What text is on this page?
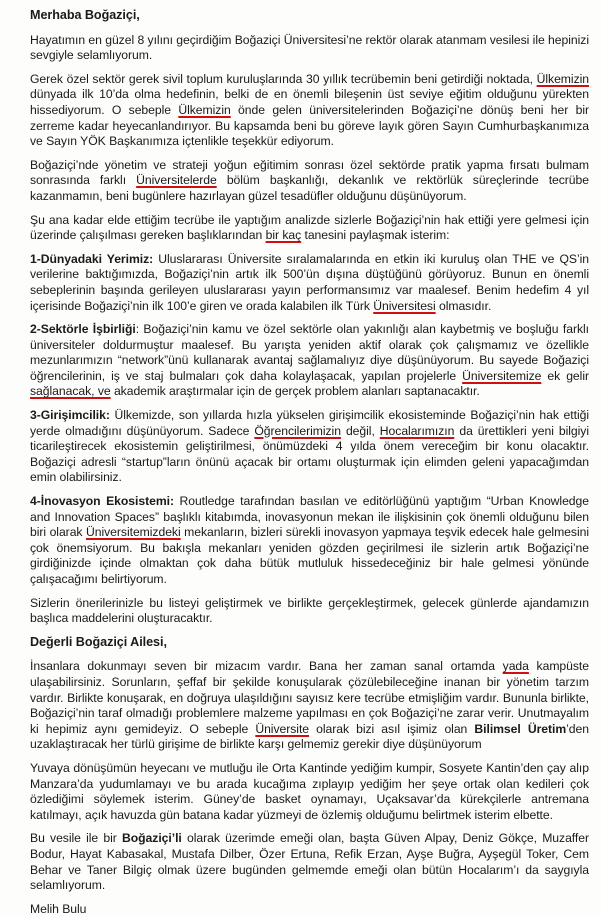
Merhaba Boğaziçi,

Hayatımın en güzel 8 yılını geçirdiğim Boğaziçi Üniversitesi’ne rektör olarak atanmam vesilesi ile hepinizi sevgiyle selamlıyorum.

Gerek özel sektör gerek sivil toplum kuruluşlarında 30 yıllık tecrübemin beni getirdiği noktada, Ülkemizin dünyada ilk 10’da olma hedefinin, belki de en önemli bileşenin üst seviye eğitim olduğunu yürekten hissediyorum. O sebeple Ülkemizin önde gelen üniversitelerinden Boğaziçi’ne dönüş beni her bir zerreme kadar heyecanlandırıyor. Bu kapsamda beni bu göreve layık gören Sayın Cumhurbaşkanımıza ve Sayın YÖK Başkanımıza içtenlikle teşekkür ediyorum.

Boğaziçi’nde yönetim ve strateji yoğun eğitimim sonrası özel sektörde pratik yapma fırsatı bulmam sonrasında farklı Üniversitelerde bölüm başkanlığı, dekanlık ve rektörlük süreçlerinde tecrübe kazanmamın, beni bugünlere hazırlayan güzel tesadüfler olduğunu düşünüyorum.

Şu ana kadar elde ettiğim tecrübe ile yaptığım analizde sizlerle Boğaziçi’nin hak ettiği yere gelmesi için üzerinde çalışılması gereken başlıklarından bir kaç tanesini paylaşmak isterim:

1-Dünyadaki Yerimiz: Uluslararası Üniversite sıralamalarında en etkin iki kuruluş olan THE ve QS’in verilerine baktığımızda, Boğaziçi’nin artık ilk 500’ün dışına düştüğünü görüyoruz. Bunun en önemli sebeplerinin başında gerileyen uluslararası yayın performansımız var maalesef. Benim hedefim 4 yıl içerisinde Boğaziçi’nin ilk 100’e giren ve orada kalabilen ilk Türk Üniversitesi olmasıdır.

2-Sektörle İşbirliği: Boğaziçi’nin kamu ve özel sektörle olan yakınlığı alan kaybetmiş ve boşluğu farklı üniversiteler doldurmuştur maalesef. Bu yarışta yeniden aktif olarak çok çalışmamız ve özellikle mezunlarımızın “network”ünü kullanarak avantaj sağlamalıyız diye düşünüyorum. Bu sayede Boğaziçi öğrencilerinin, iş ve staj bulmaları çok daha kolaylaşacak, yapılan projelerle Üniversitemize ek gelir sağlanacak, ve akademik araştırmalar için de gerçek problem alanları saptanacaktır.

3-Girişimcilik: Ülkemizde, son yıllarda hızla yükselen girişimcilik ekosisteminde Boğaziçi’nin hak ettiği yerde olmadığını düşünüyorum. Sadece Öğrencilerimizin değil, Hocalarımızın da ürettikleri yeni bilgiyi ticarileştirecek ekosistemin geliştirilmesi, önümüzdeki 4 yılda önem vereceğim bir konu olacaktır. Boğaziçi adresli “startup”ların önünü açacak bir ortamı oluşturmak için elimden geleni yapacağımdan emin olabilirsiniz.

4-İnovasyon Ekosistemi: Routledge tarafından basılan ve editörlüğünü yaptığım “Urban Knowledge and Innovation Spaces” başlıklı kitabımda, inovasyonun mekan ile ilişkisinin çok önemli olduğunu bilen biri olarak Üniversitemizdeki mekanların, bizleri sürekli inovasyon yapmaya teşvik edecek hale gelmesini çok önemsiyorum. Bu bakışla mekanları yeniden gözden geçirilmesi ile sizlerin artık Boğaziçi’ne girdiğinizde içinde olmaktan çok daha bütük mutluluk hissedeceğiniz bir hale gelmesi yönünde çalışacağımı belirtiyorum.

Sizlerin önerilerinizle bu listeyi geliştirmek ve birlikte gerçekleştirmek, gelecek günlerde ajandamızın başlıca maddelerini oluşturacaktır.

Değerli Boğaziçi Ailesi,

İnsanlara dokunmayı seven bir mizacım vardır. Bana her zaman sanal ortamda yada kampüste ulaşabilirsiniz. Sorunların, şeffaf bir şekilde konuşularak çözülebileceğine inanan bir yönetim tarzım vardır. Birlikte konuşarak, en doğruya ulaşıldığını sayısız kere tecrübe etmişliğim vardır. Bununla birlikte, Boğaziçi’nin taraf olmadığı problemlere malzeme yapılması en çok Boğaziçi’ne zarar verir. Unutmayalım ki hepimiz aynı gemideyiz. O sebeple Üniversite olarak bizi asıl işimiz olan Bilimsel Üretim’den uzaklaştıracak her türlü girişime de birlikte karşı gelmemiz gerekir diye düşünüyorum

Yuvaya dönüşümün heyecanı ve mutluğu ile Orta Kantinde yediğim kumpir, Sosyete Kantin’den çay alıp Manzara’da yudumlamayı ve bu arada kucağıma zıplayıp yediğim her şeye ortak olan kedileri çok özlediğimi söylemek isterim. Güney’de basket oynamayı, Uçaksavar’da kürekçilerle antremana katılmayı, açık havuzda gün batana kadar yüzmeyi de özlemiş olduğumu belirtmek isterim elbette.

Bu vesile ile bir Boğaziçi’li olarak üzerimde emeği olan, başta Güven Alpay, Deniz Gökçe, Muzaffer Bodur, Hayat Kabasakal, Mustafa Dilber, Özer Ertuna, Refik Erzan, Ayşe Buğra, Ayşegül Toker, Cem Behar ve Taner Bilgiç olmak üzere bugünden gelmemde emeği olan bütün Hocalarım’ı da saygıyla selamlıyorum.

Melih Bulu
